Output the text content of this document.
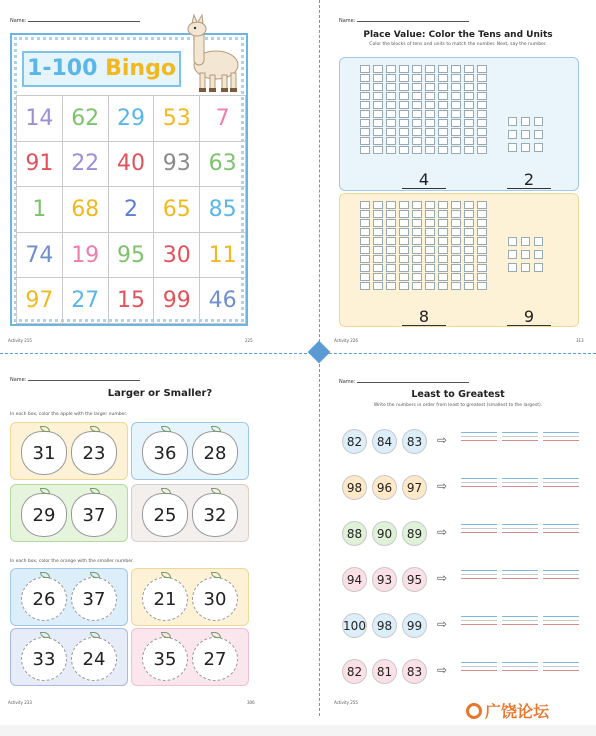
Name:
1-100 Bingo
14 62 29 53	7
91 22 40 93 63
1	68	2	65 85
74 19 95 30 11
97 27 15 99 46
Activity 215	225
Name:
Place Value: Color the Tens and Units
Color the blocks of tens and units to match the number. Next, say the number.
4	2
8	9
Activity 226	313
Name:
Larger or Smaller?
In each box, color the apple with the larger number.
31	23	36	28
29	37	25	32
In each box, color the orange with the smaller number.
26	37	21	30
33	24	35	27
Activity 233	306
Name:
Least to Greatest
Write the numbers in order from least to greatest (smallest to the largest).
82	84	83	⇨
98	96	97	⇨
88	90	89	⇨
94	93	95	⇨
100 98	99	⇨
82	81	83	⇨
Activity 255	广饶论坛
